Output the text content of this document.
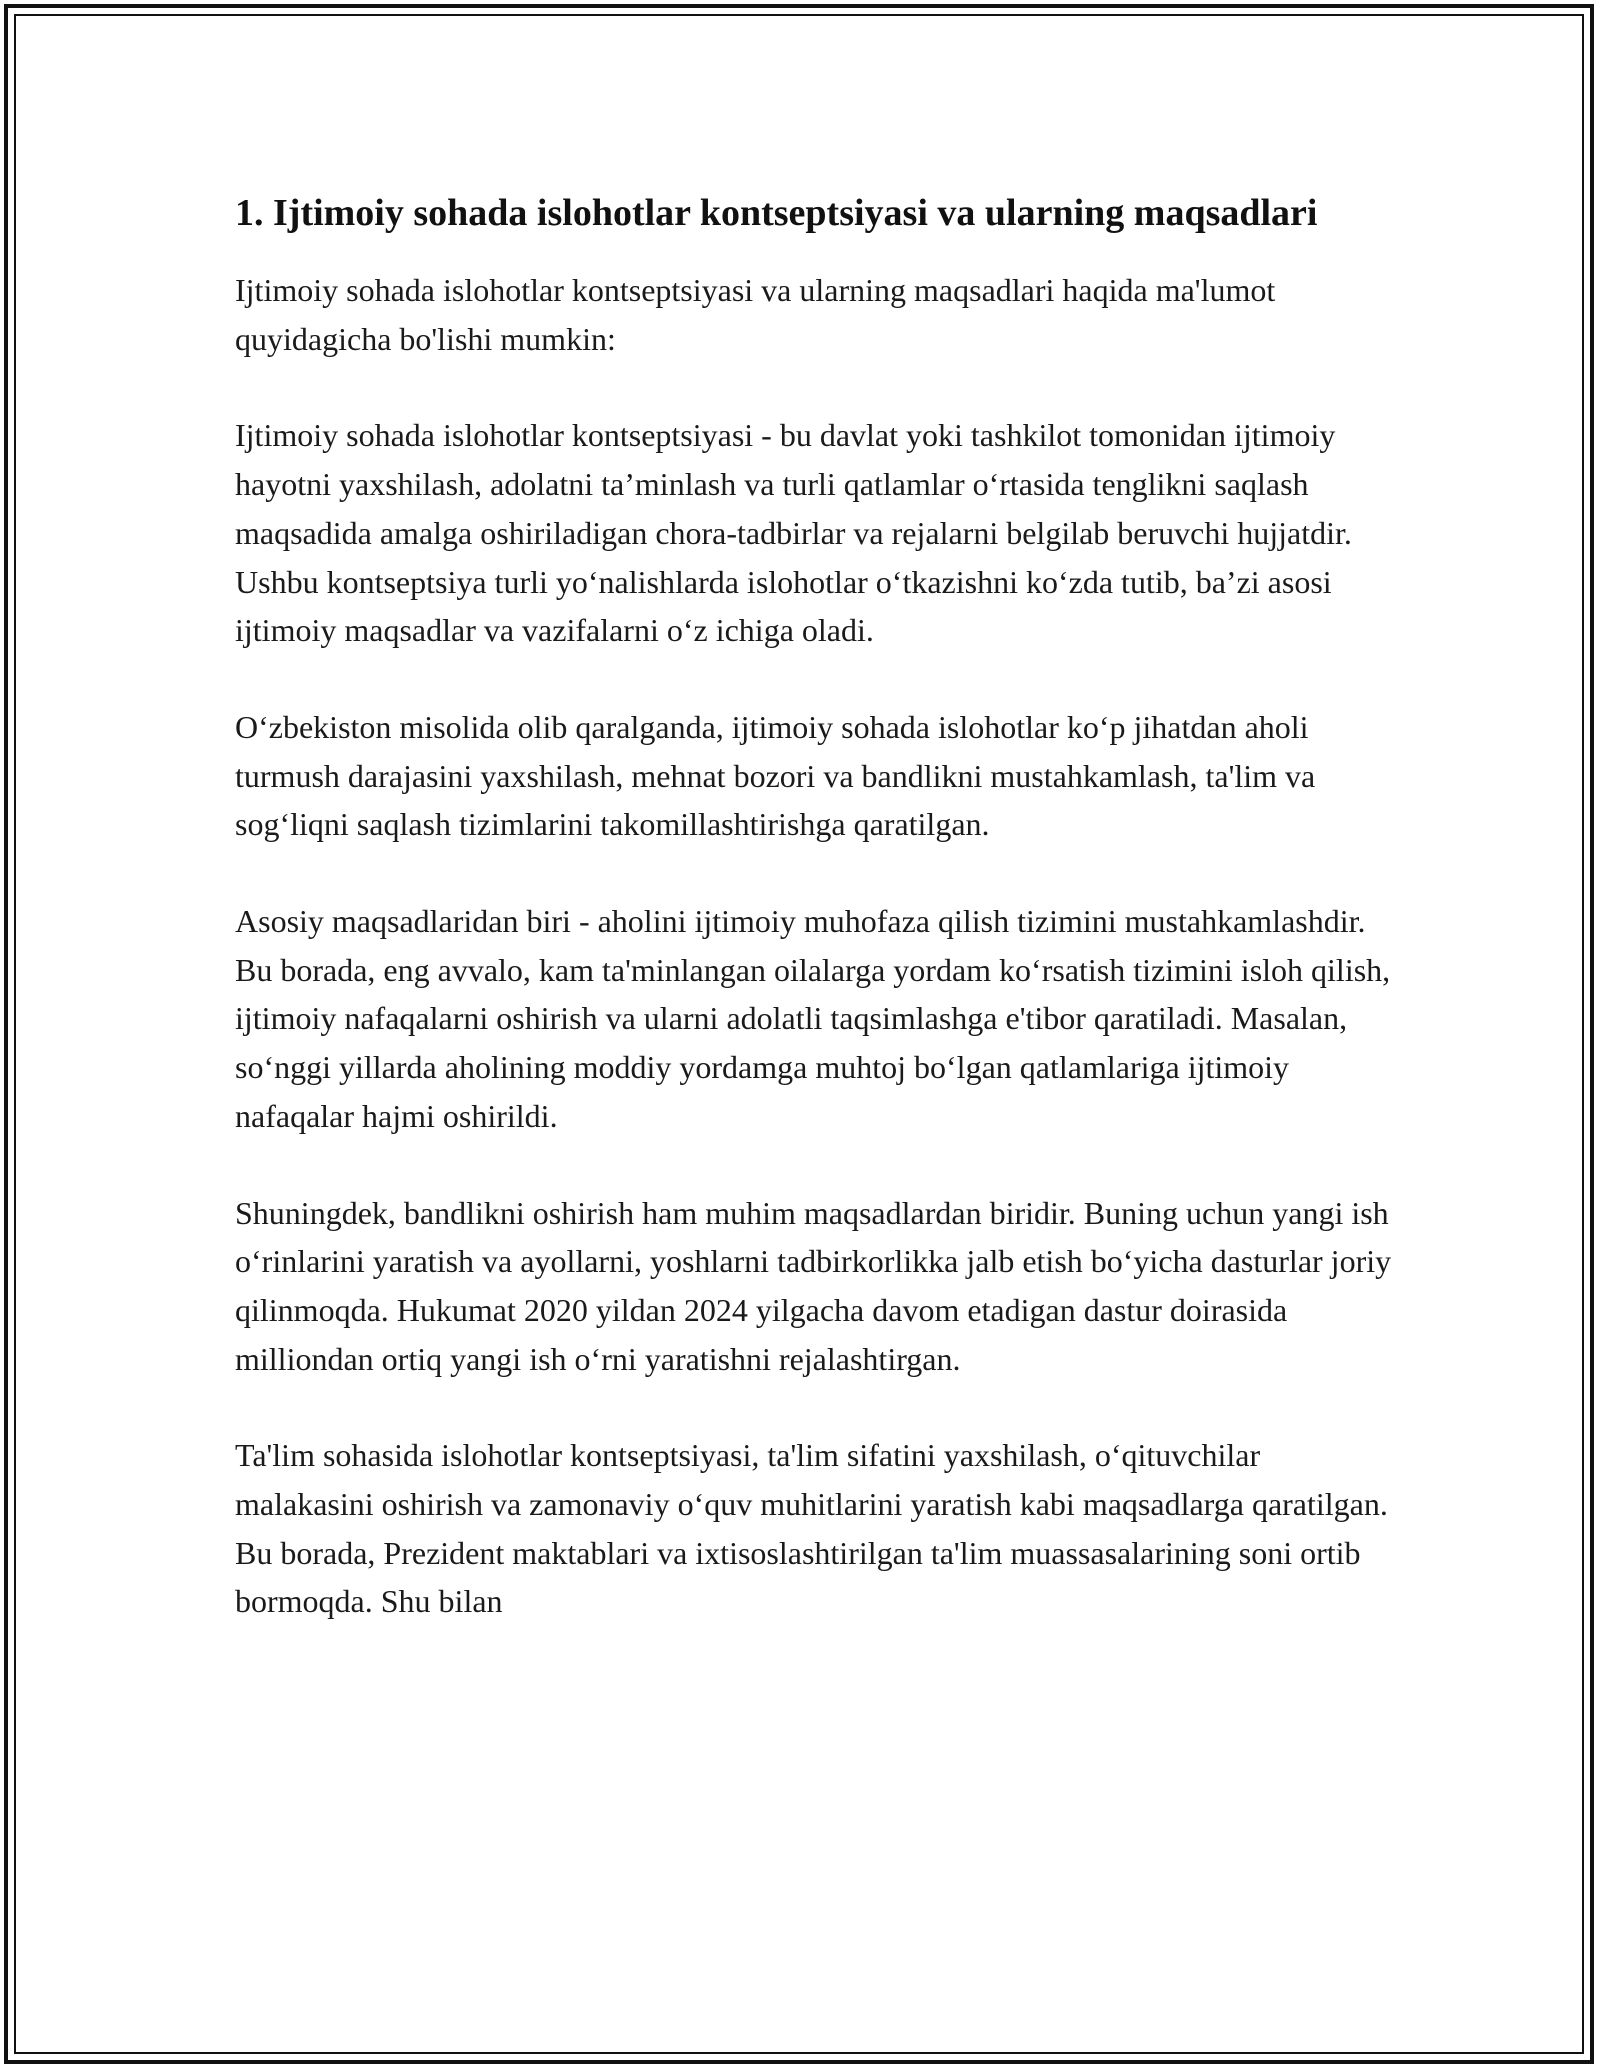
1. Ijtimoiy sohada islohotlar kontseptsiyasi va ularning maqsadlari

Ijtimoiy sohada islohotlar kontseptsiyasi va ularning maqsadlari haqida ma'lumot quyidagicha bo'lishi mumkin:

Ijtimoiy sohada islohotlar kontseptsiyasi - bu davlat yoki tashkilot tomonidan ijtimoiy hayotni yaxshilash, adolatni ta’minlash va turli qatlamlar o‘rtasida tenglikni saqlash maqsadida amalga oshiriladigan chora-tadbirlar va rejalarni belgilab beruvchi hujjatdir. Ushbu kontseptsiya turli yo‘nalishlarda islohotlar o‘tkazishni ko‘zda tutib, ba’zi asosi ijtimoiy maqsadlar va vazifalarni o‘z ichiga oladi.

O‘zbekiston misolida olib qaralganda, ijtimoiy sohada islohotlar ko‘p jihatdan aholi turmush darajasini yaxshilash, mehnat bozori va bandlikni mustahkamlash, ta'lim va sog‘liqni saqlash tizimlarini takomillashtirishga qaratilgan.

Asosiy maqsadlaridan biri - aholini ijtimoiy muhofaza qilish tizimini mustahkamlashdir. Bu borada, eng avvalo, kam ta'minlangan oilalarga yordam ko‘rsatish tizimini isloh qilish, ijtimoiy nafaqalarni oshirish va ularni adolatli taqsimlashga e'tibor qaratiladi. Masalan, so‘nggi yillarda aholining moddiy yordamga muhtoj bo‘lgan qatlamlariga ijtimoiy nafaqalar hajmi oshirildi.

Shuningdek, bandlikni oshirish ham muhim maqsadlardan biridir. Buning uchun yangi ish o‘rinlarini yaratish va ayollarni, yoshlarni tadbirkorlikka jalb etish bo‘yicha dasturlar joriy qilinmoqda. Hukumat 2020 yildan 2024 yilgacha davom etadigan dastur doirasida milliondan ortiq yangi ish o‘rni yaratishni rejalashtirgan.

Ta'lim sohasida islohotlar kontseptsiyasi, ta'lim sifatini yaxshilash, o‘qituvchilar malakasini oshirish va zamonaviy o‘quv muhitlarini yaratish kabi maqsadlarga qaratilgan. Bu borada, Prezident maktablari va ixtisoslashtirilgan ta'lim muassasalarining soni ortib bormoqda. Shu bilan
